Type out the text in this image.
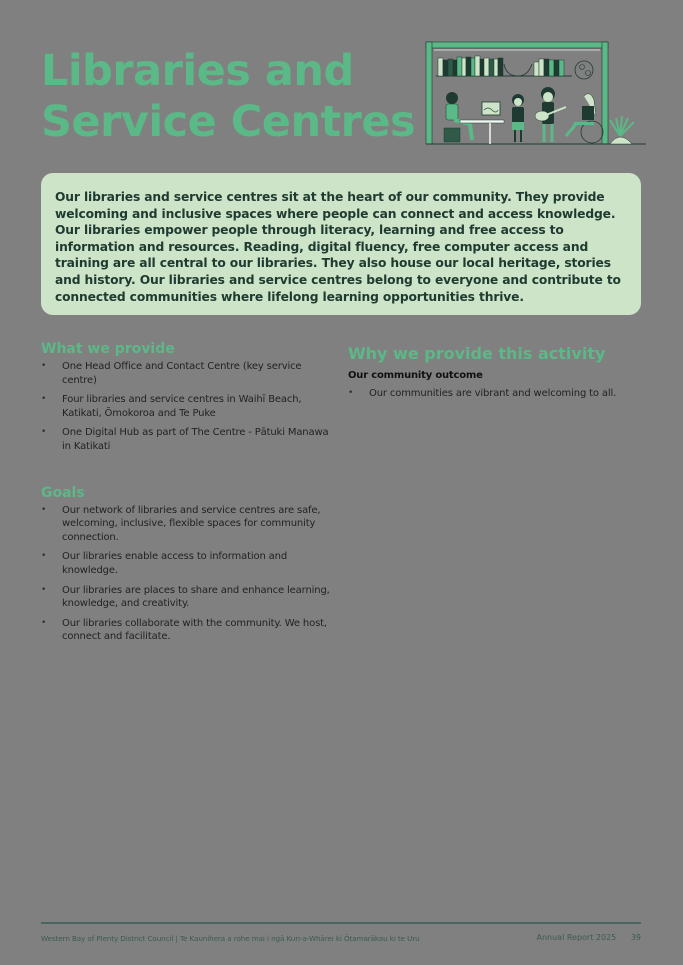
Libraries and
Service Centres

Our libraries and service centres sit at the heart of our community. They provide welcoming and inclusive spaces where people can connect and access knowledge. Our libraries empower people through literacy, learning and free access to information and resources. Reading, digital fluency, free computer access and training are all central to our libraries. They also house our local heritage, stories and history. Our libraries and service centres belong to everyone and contribute to connected communities where lifelong learning opportunities thrive.

What we provide
• One Head Office and Contact Centre (key service centre)
• Four libraries and service centres in Waihī Beach, Katikati, Ōmokoroa and Te Puke
• One Digital Hub as part of The Centre - Pātuki Manawa in Katikati
Goals
• Our network of libraries and service centres are safe, welcoming, inclusive, flexible spaces for community connection.
• Our libraries enable access to information and knowledge.
• Our libraries are places to share and enhance learning, knowledge, and creativity.
• Our libraries collaborate with the community. We host, connect and facilitate.
Why we provide this activity

Our community outcome

• Our communities are vibrant and welcoming to all.
Western Bay of Plenty District Council | Te Kaunihera a rohe mai i ngā Kuri-a-Whārei ki Ōtamarākau ki te Uru	Annual Report 2025 39
